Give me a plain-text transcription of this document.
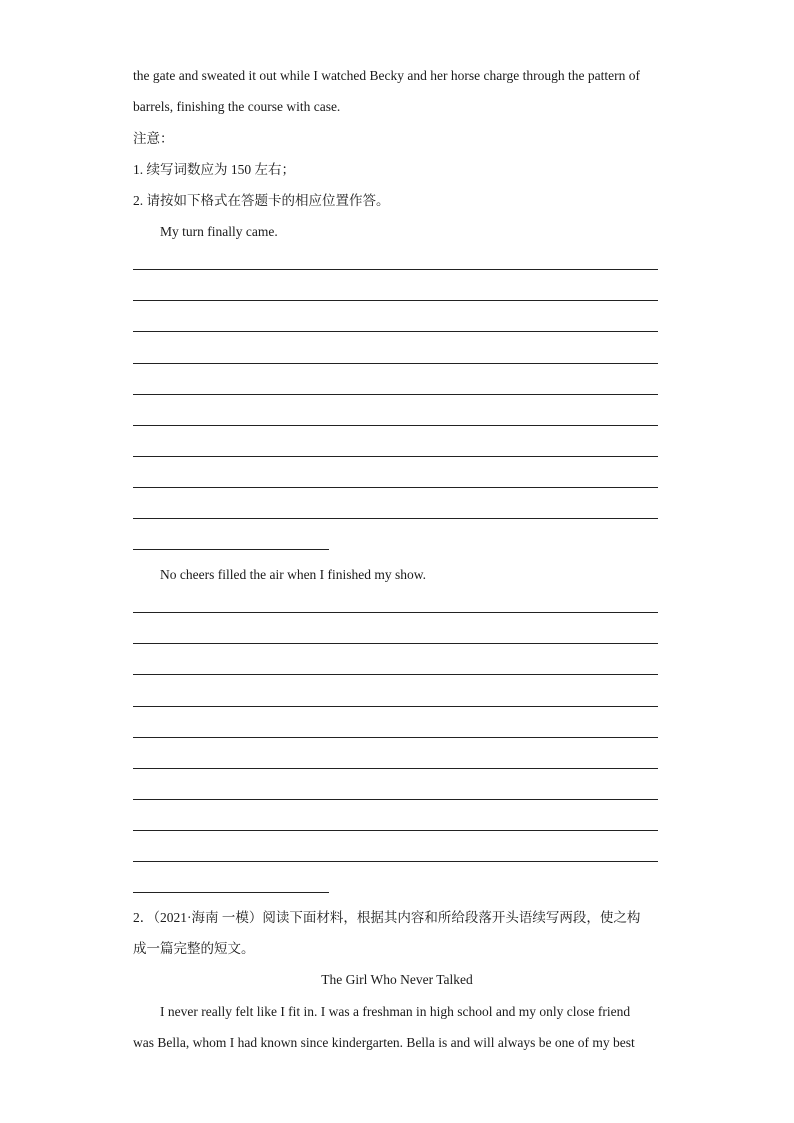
the gate and sweated it out while I watched Becky and her horse charge through the pattern of
barrels, finishing the course with case.
注意：
1. 续写词数应为 150 左右；
2. 请按如下格式在答题卡的相应位置作答。
My turn finally came.
No cheers filled the air when I finished my show.
2．（2021·海南 一模）阅读下面材料，根据其内容和所给段落开头语续写两段，使之构
成一篇完整的短文。
The Girl Who Never Talked
I never really felt like I fit in. I was a freshman in high school and my only close friend
was Bella, whom I had known since kindergarten. Bella is and will always be one of my best
